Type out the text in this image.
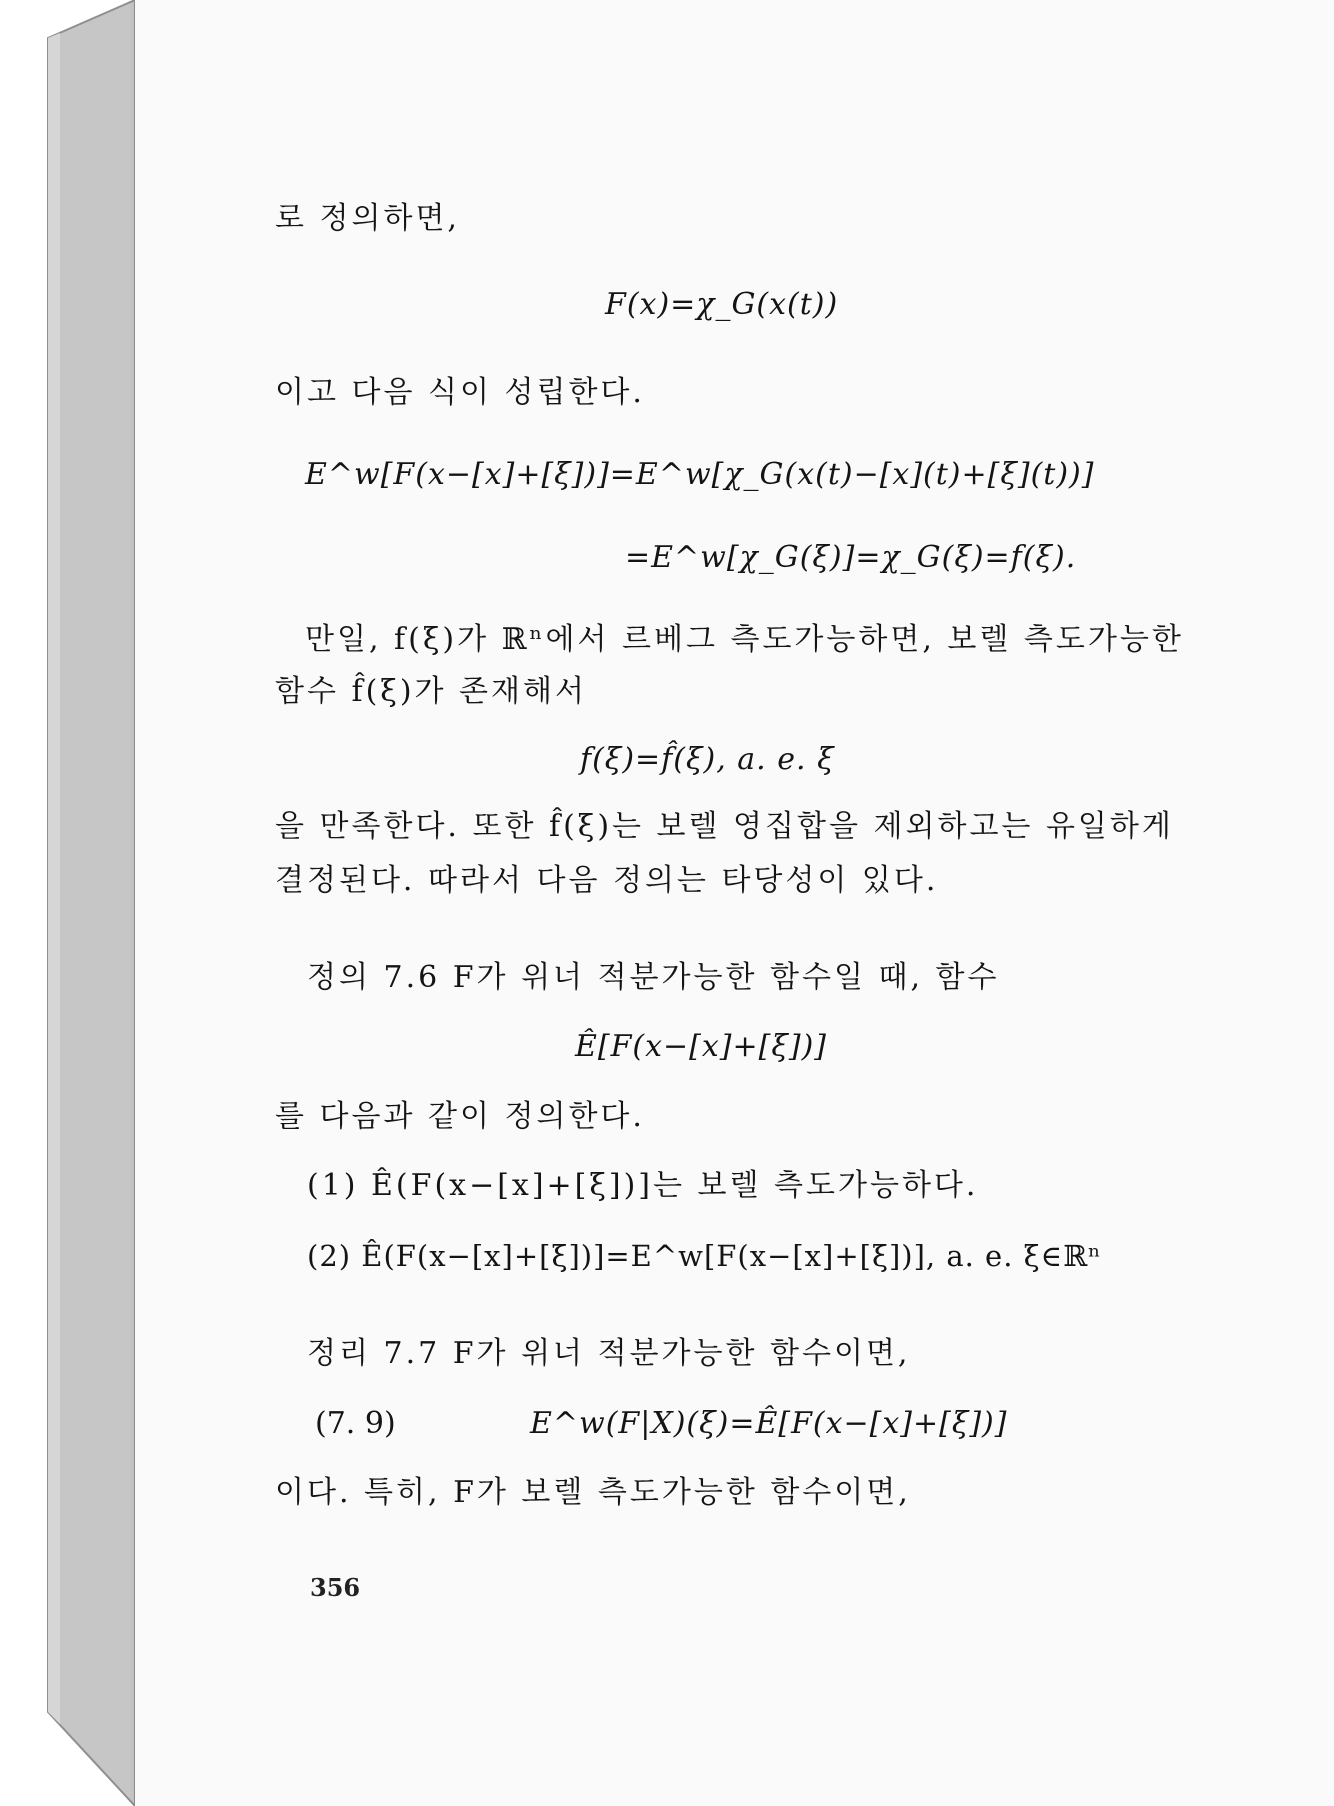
로 정의하면,
F(x)=χ_G(x(t))
이고 다음 식이 성립한다.
E^w[F(x−[x]+[ξ])]=E^w[χ_G(x(t)−[x](t)+[ξ](t))]
=E^w[χ_G(ξ)]=χ_G(ξ)=f(ξ).
만일, f(ξ)가 ℝⁿ에서 르베그 측도가능하면, 보렐 측도가능한
함수 f̂(ξ)가 존재해서
f(ξ)=f̂(ξ), a. e. ξ
을 만족한다. 또한 f̂(ξ)는 보렐 영집합을 제외하고는 유일하게
결정된다. 따라서 다음 정의는 타당성이 있다.
정의 7.6 F가 위너 적분가능한 함수일 때, 함수
Ê[F(x−[x]+[ξ])]
를 다음과 같이 정의한다.
(1) Ê(F(x−[x]+[ξ])]는 보렐 측도가능하다.
(2) Ê(F(x−[x]+[ξ])]=E^w[F(x−[x]+[ξ])], a. e. ξ∈ℝⁿ
정리 7.7 F가 위너 적분가능한 함수이면,
(7. 9)	E^w(F|X)(ξ)=Ê[F(x−[x]+[ξ])]
이다. 특히, F가 보렐 측도가능한 함수이면,
356
